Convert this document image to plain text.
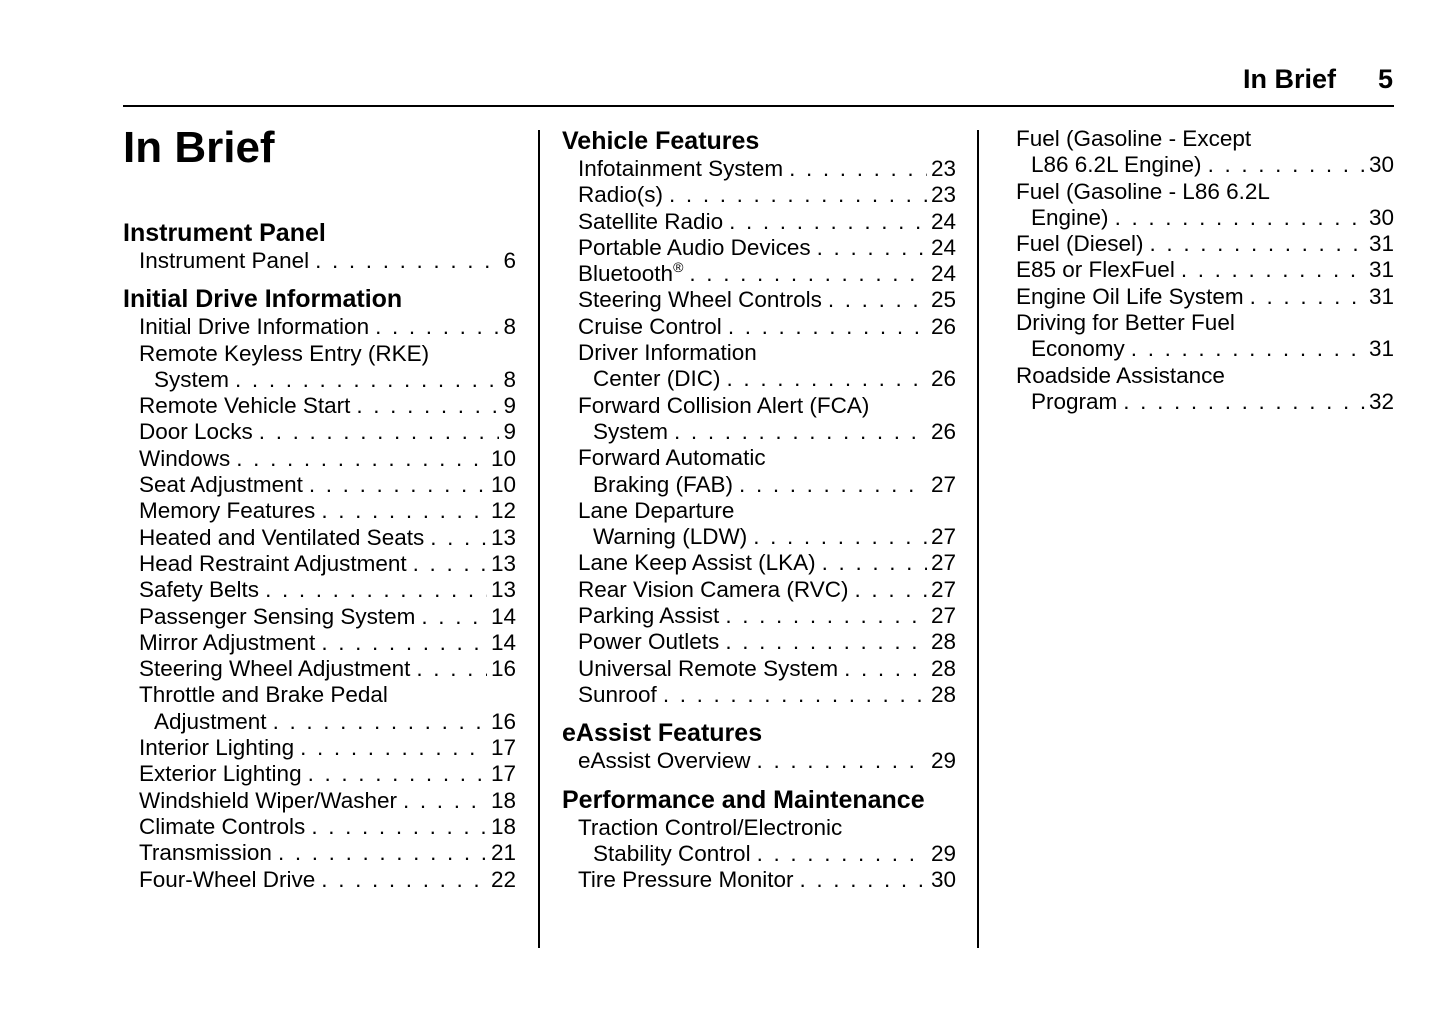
In Brief 5
In Brief
Instrument Panel
Instrument Panel . . .	6
Initial Drive Information
Initial Drive Information . . .	8
Remote Keyless Entry (RKE)
System . . .	8
Remote Vehicle Start . . .	9
Door Locks . . .	9
Windows . . .	10
Seat Adjustment . . .	10
Memory Features . . .	12
Heated and Ventilated Seats . . .	13
Head Restraint Adjustment . . .	13
Safety Belts . . .	13
Passenger Sensing System . . .	14
Mirror Adjustment . . .	14
Steering Wheel Adjustment . . .	16
Throttle and Brake Pedal
Adjustment . . .	16
Interior Lighting . . .	17
Exterior Lighting . . .	17
Windshield Wiper/Washer . . .	18
Climate Controls . . .	18
Transmission . . .	21
Four-Wheel Drive . . .	22
Vehicle Features
Infotainment System . . .	23
Radio(s) . . .	23
Satellite Radio . . .	24
Portable Audio Devices . . .	24
Bluetooth® . . .	24
Steering Wheel Controls . . .	25
Cruise Control . . .	26
Driver Information
Center (DIC) . . .	26
Forward Collision Alert (FCA)
System . . .	26
Forward Automatic
Braking (FAB) . . .	27
Lane Departure
Warning (LDW) . . .	27
Lane Keep Assist (LKA) . . .	27
Rear Vision Camera (RVC) . . .	27
Parking Assist . . .	27
Power Outlets . . .	28
Universal Remote System . . .	28
Sunroof . . .	28
eAssist Features
eAssist Overview . . .	29
Performance and Maintenance
Traction Control/Electronic
Stability Control . . .	29
Tire Pressure Monitor . . .	30
Fuel (Gasoline - Except
L86 6.2L Engine) . . .	30
Fuel (Gasoline - L86 6.2L
Engine) . . .	30
Fuel (Diesel) . . .	31
E85 or FlexFuel . . .	31
Engine Oil Life System . . .	31
Driving for Better Fuel
Economy . . .	31
Roadside Assistance
Program . . .	32
